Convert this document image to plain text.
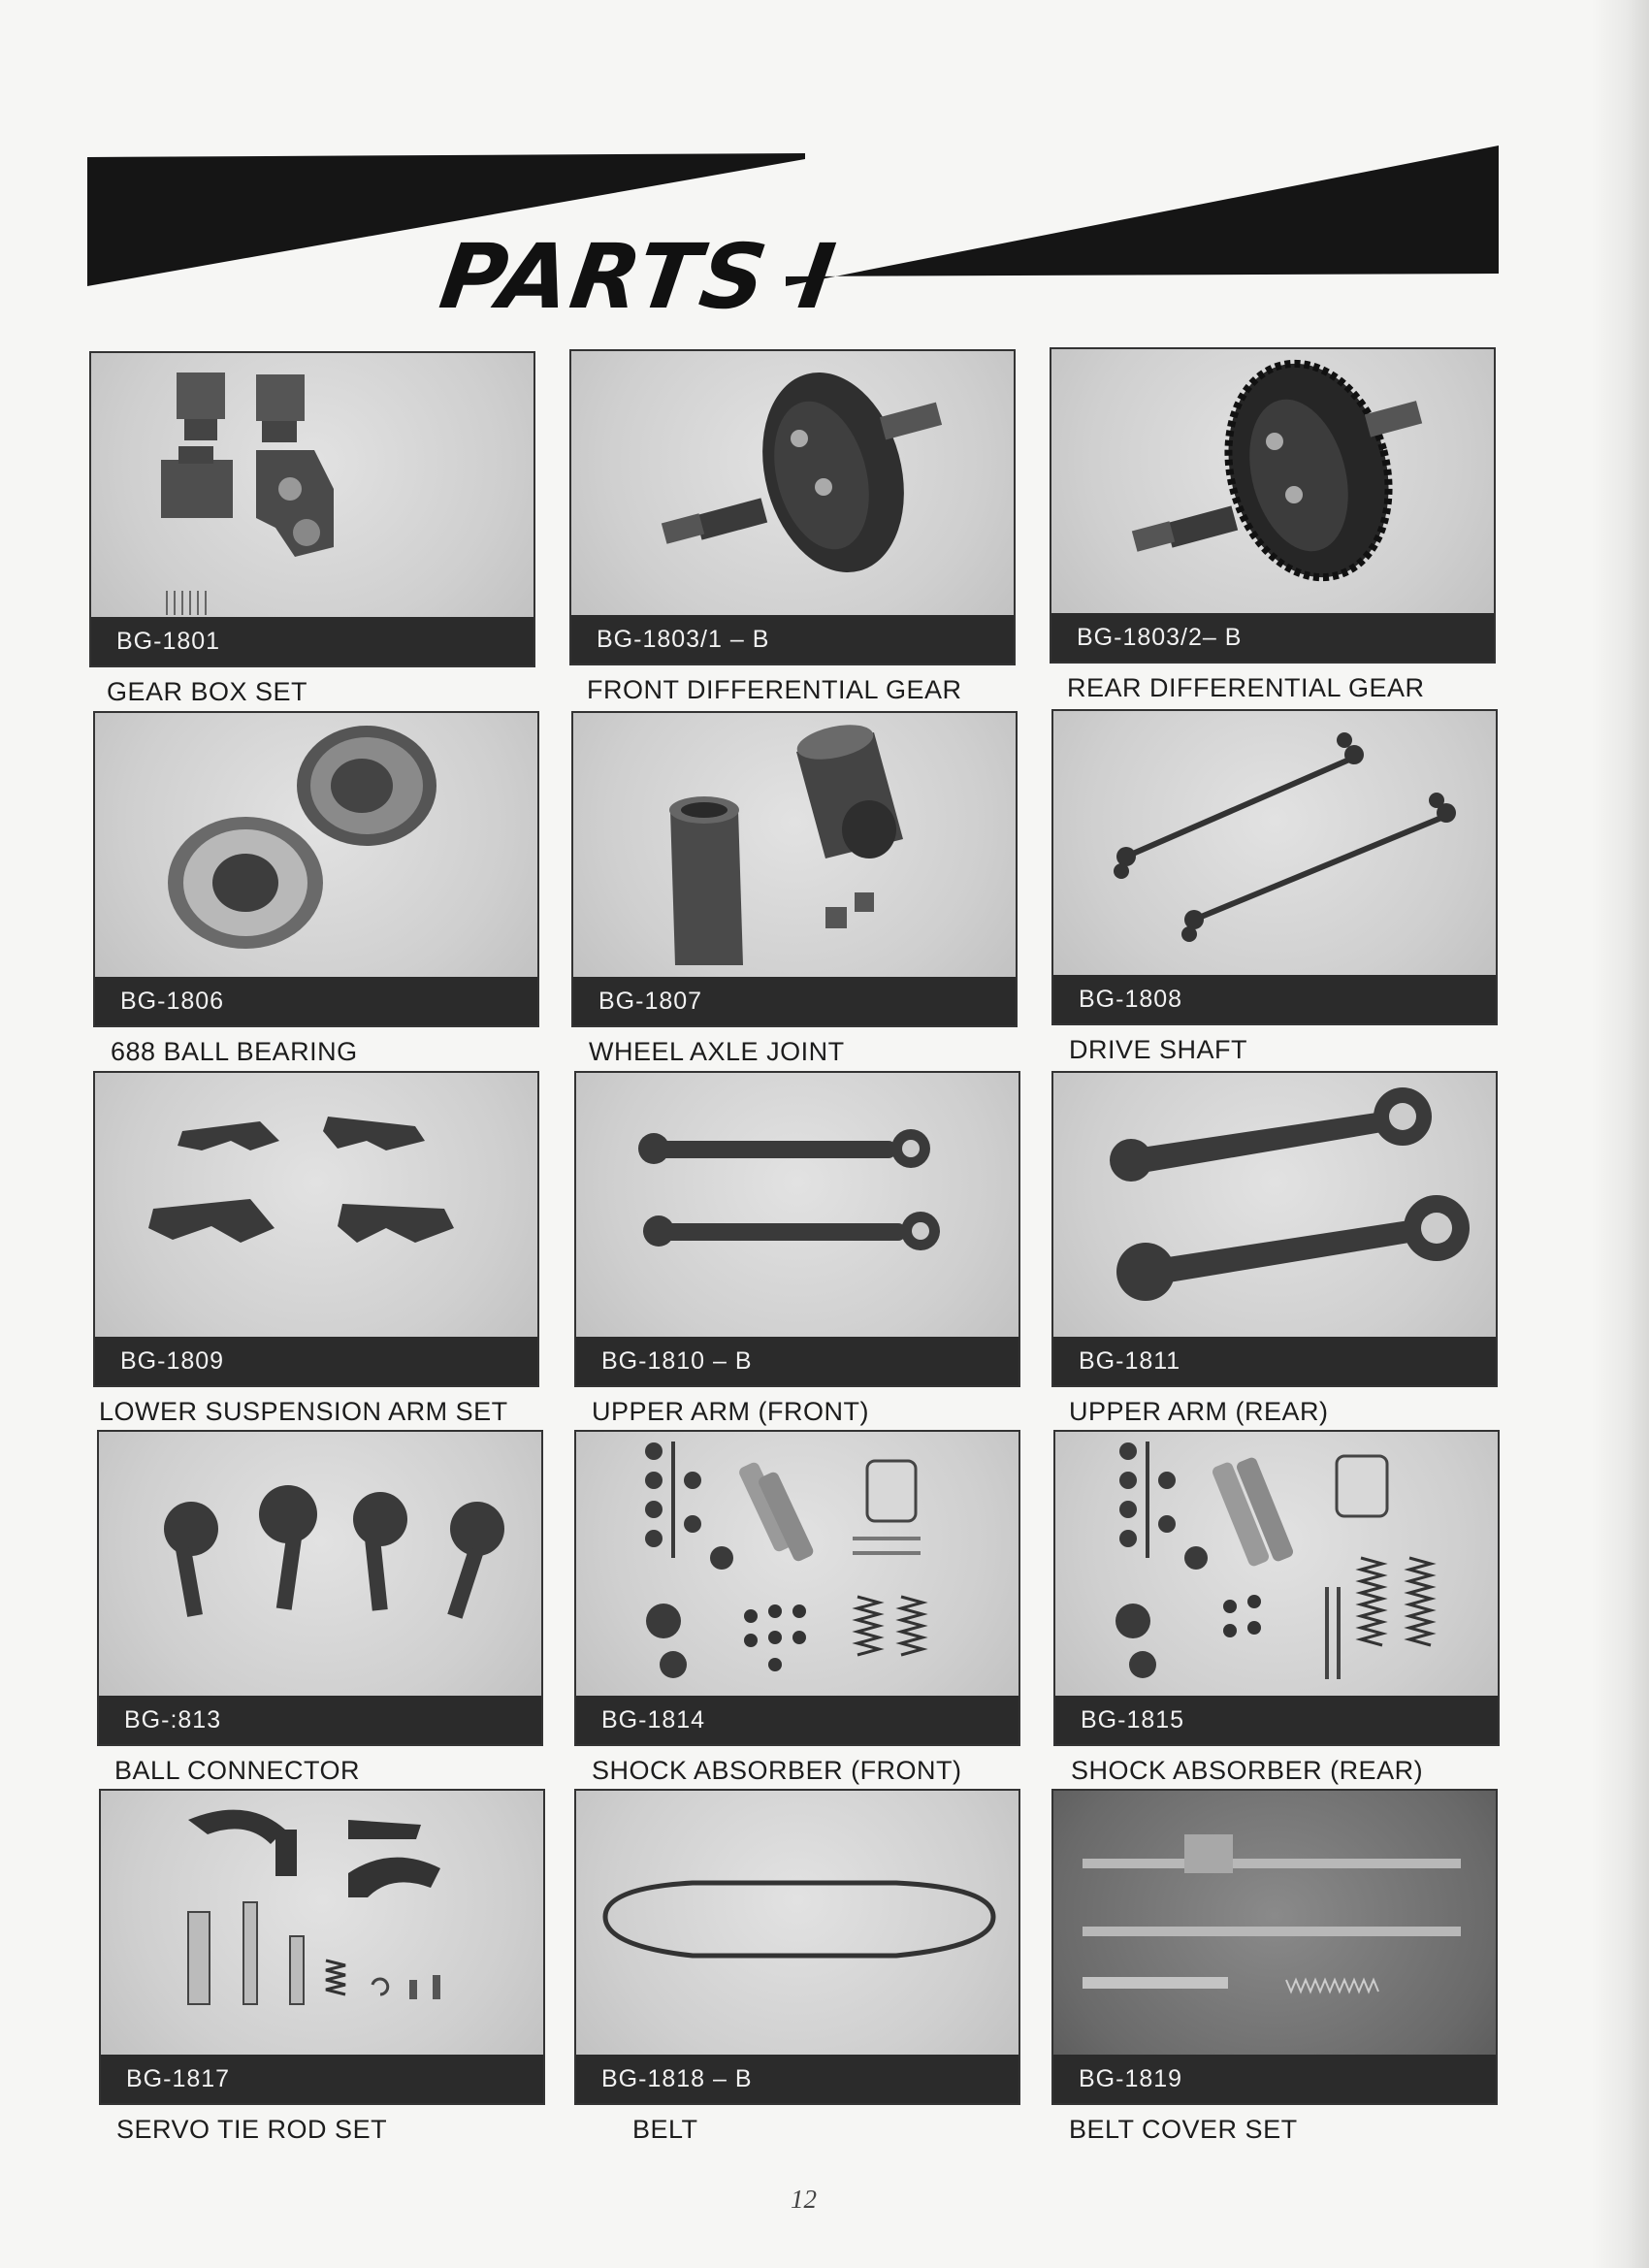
PARTS I
BG-1801
GEAR BOX SET
BG-1803/1 – B
FRONT DIFFERENTIAL GEAR
BG-1803/2– B
REAR DIFFERENTIAL GEAR
BG-1806
688 BALL BEARING
BG-1807
WHEEL AXLE JOINT
BG-1808
DRIVE SHAFT
BG-1809
LOWER SUSPENSION ARM SET
BG-1810 – B
UPPER ARM (FRONT)
BG-1811
UPPER ARM (REAR)
BG-:813
BALL CONNECTOR
BG-1814
SHOCK ABSORBER (FRONT)
BG-1815
SHOCK ABSORBER (REAR)
BG-1817
SERVO TIE ROD SET
BG-1818 – B
BELT
BG-1819
BELT COVER SET
12
